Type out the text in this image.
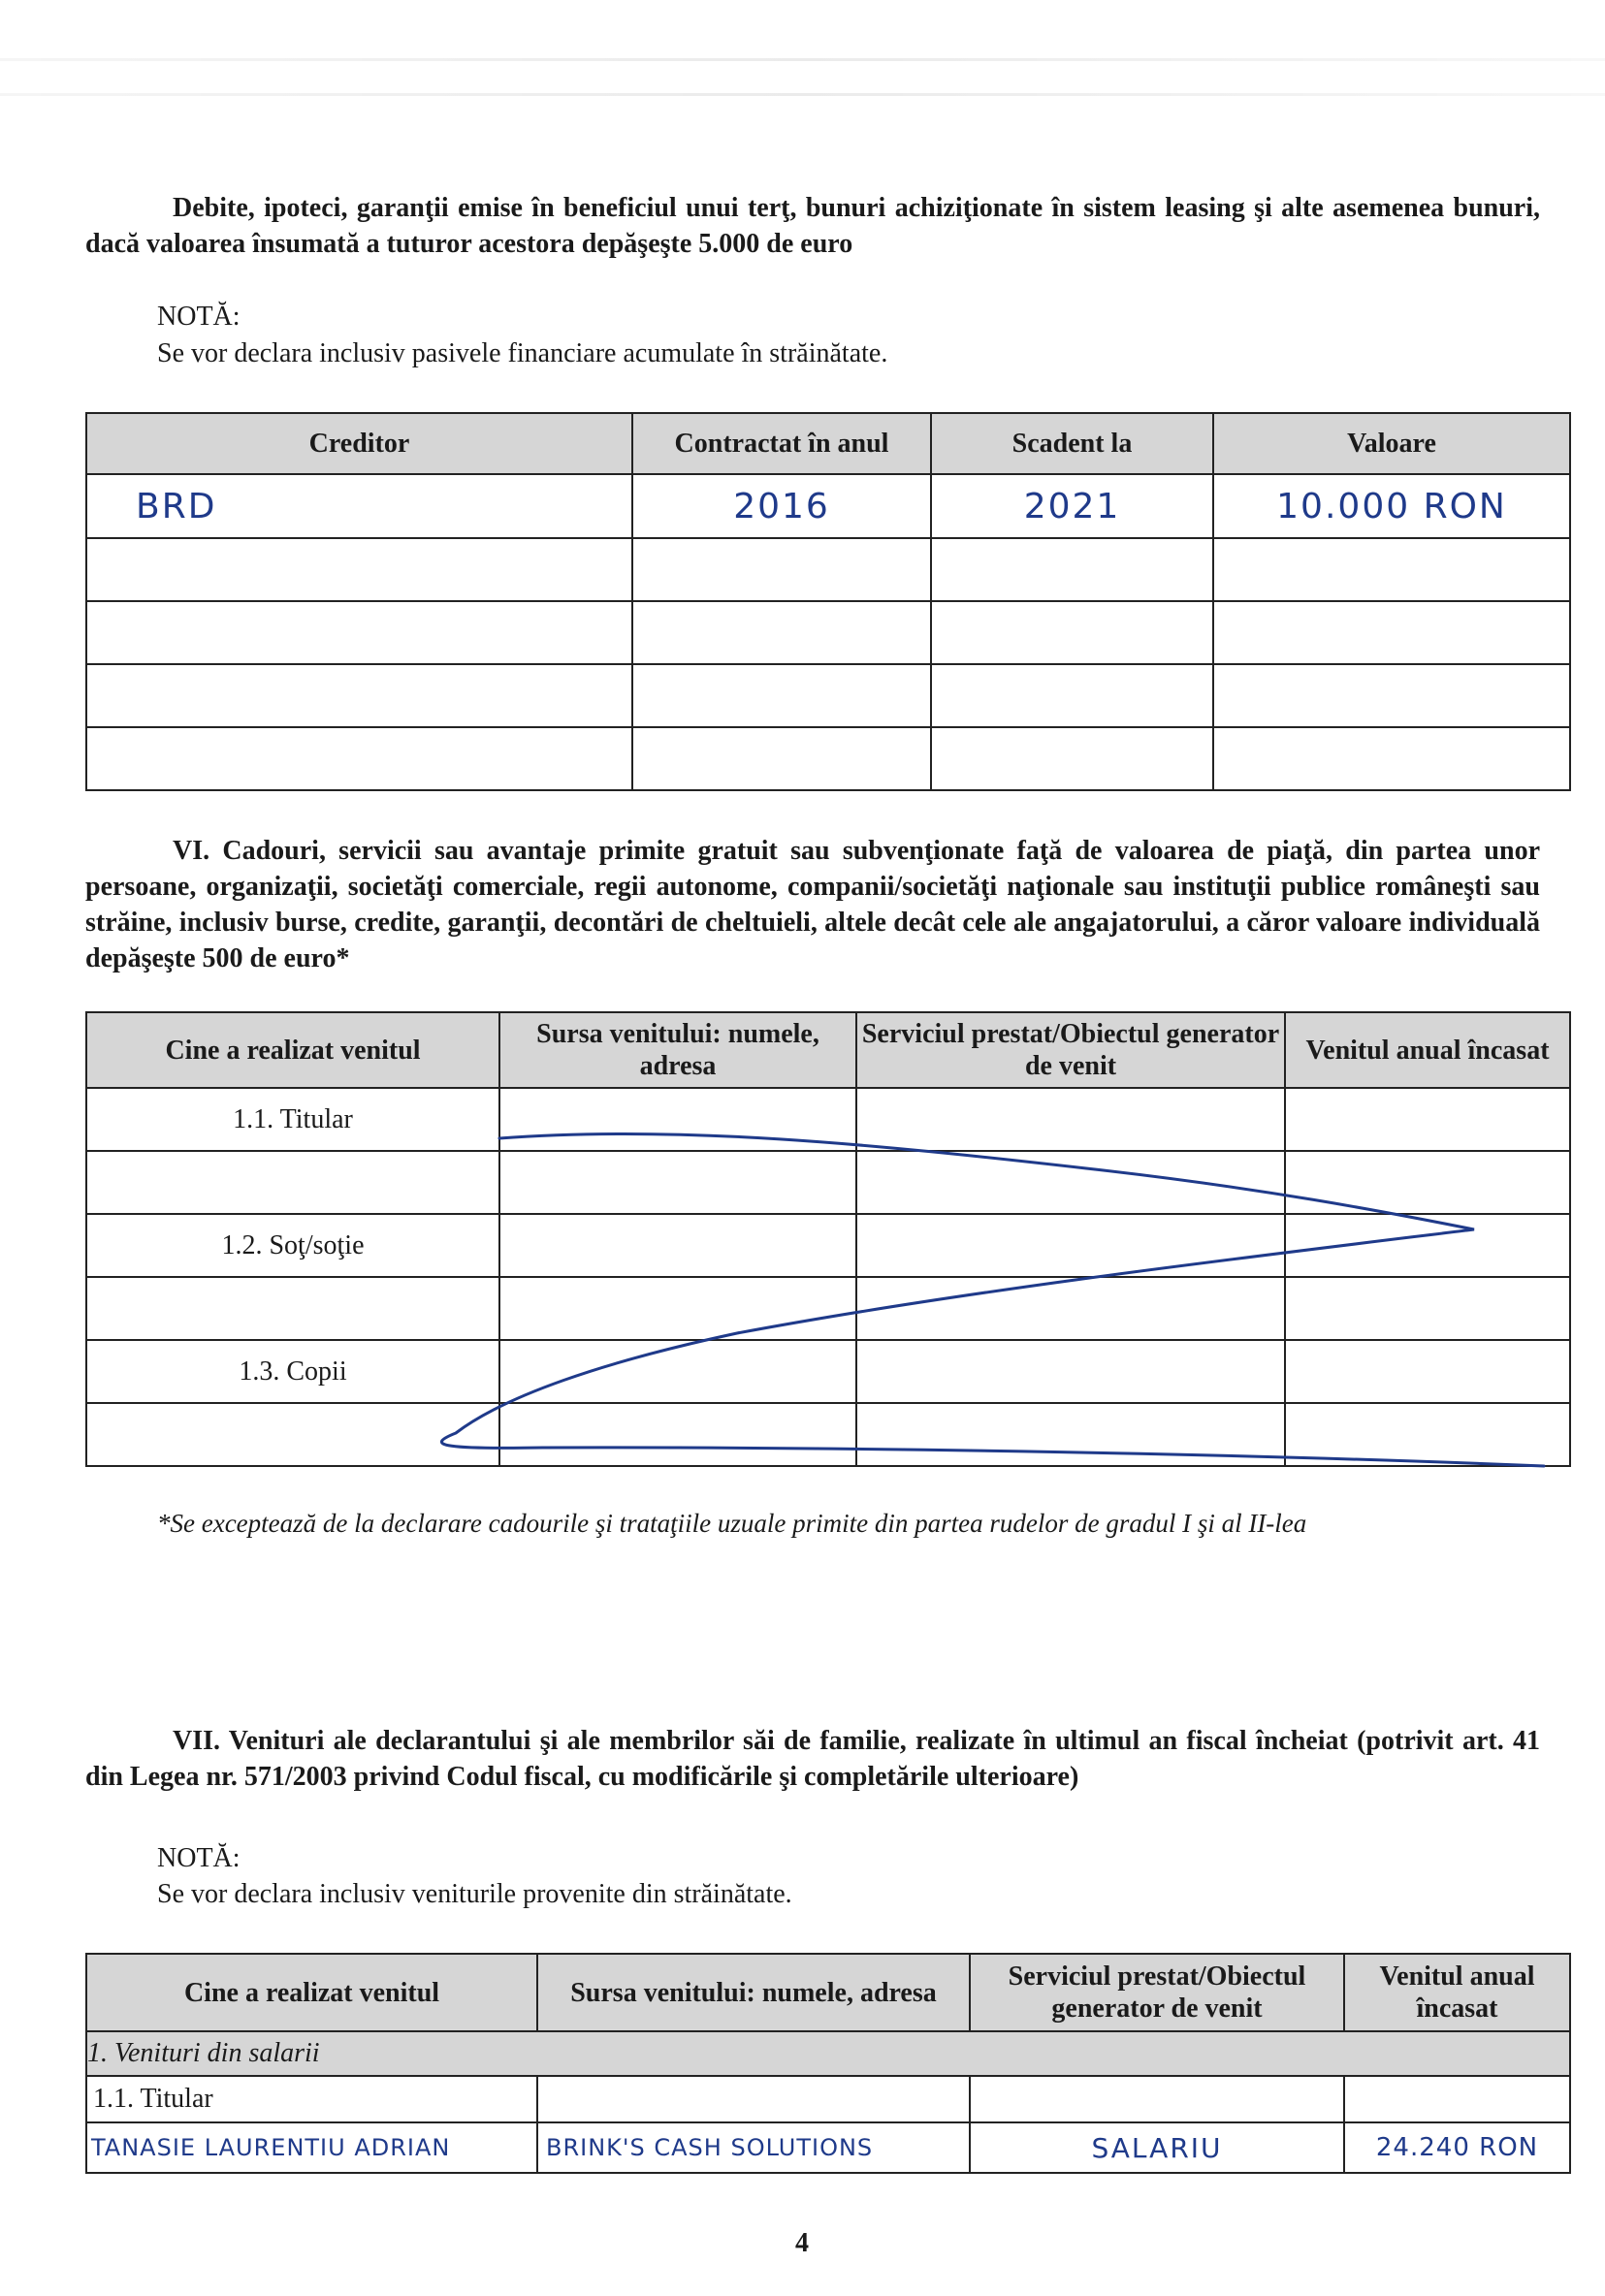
Debite, ipoteci, garanţii emise în beneficiul unui terţ, bunuri achiziţionate în sistem leasing şi alte asemenea bunuri, dacă valoarea însumată a tuturor acestora depăşeşte 5.000 de euro
NOTĂ:
Se vor declara inclusiv pasivele financiare acumulate în străinătate.
Creditor	Contractat în anul	Scadent la	Valoare
BRD	2016	2021	10.000 RON

VI. Cadouri, servicii sau avantaje primite gratuit sau subvenţionate faţă de valoarea de piaţă, din partea unor persoane, organizaţii, societăţi comerciale, regii autonome, companii/societăţi naţionale sau instituţii publice româneşti sau străine, inclusiv burse, credite, garanţii, decontări de cheltuieli, altele decât cele ale angajatorului, a căror valoare individuală depăşeşte 500 de euro*
Cine a realizat venitul	Sursa venitului: numele, adresa	Serviciul prestat/Obiectul generator de venit	Venitul anual încasat
1.1. Titular			

1.2. Soţ/soţie			

1.3. Copii			

*Se exceptează de la declarare cadourile şi trataţiile uzuale primite din partea rudelor de gradul I şi al II-lea
VII. Venituri ale declarantului şi ale membrilor săi de familie, realizate în ultimul an fiscal încheiat (potrivit art. 41 din Legea nr. 571/2003 privind Codul fiscal, cu modificările şi completările ulterioare)
NOTĂ:
Se vor declara inclusiv veniturile provenite din străinătate.
Cine a realizat venitul	Sursa venitului: numele, adresa	Serviciul prestat/Obiectul generator de venit	Venitul anual încasat
1. Venituri din salarii			
1.1. Titular			
TANASIE LAURENTIU ADRIAN	BRINK'S CASH SOLUTIONS	SALARIU	24.240 RON
4
